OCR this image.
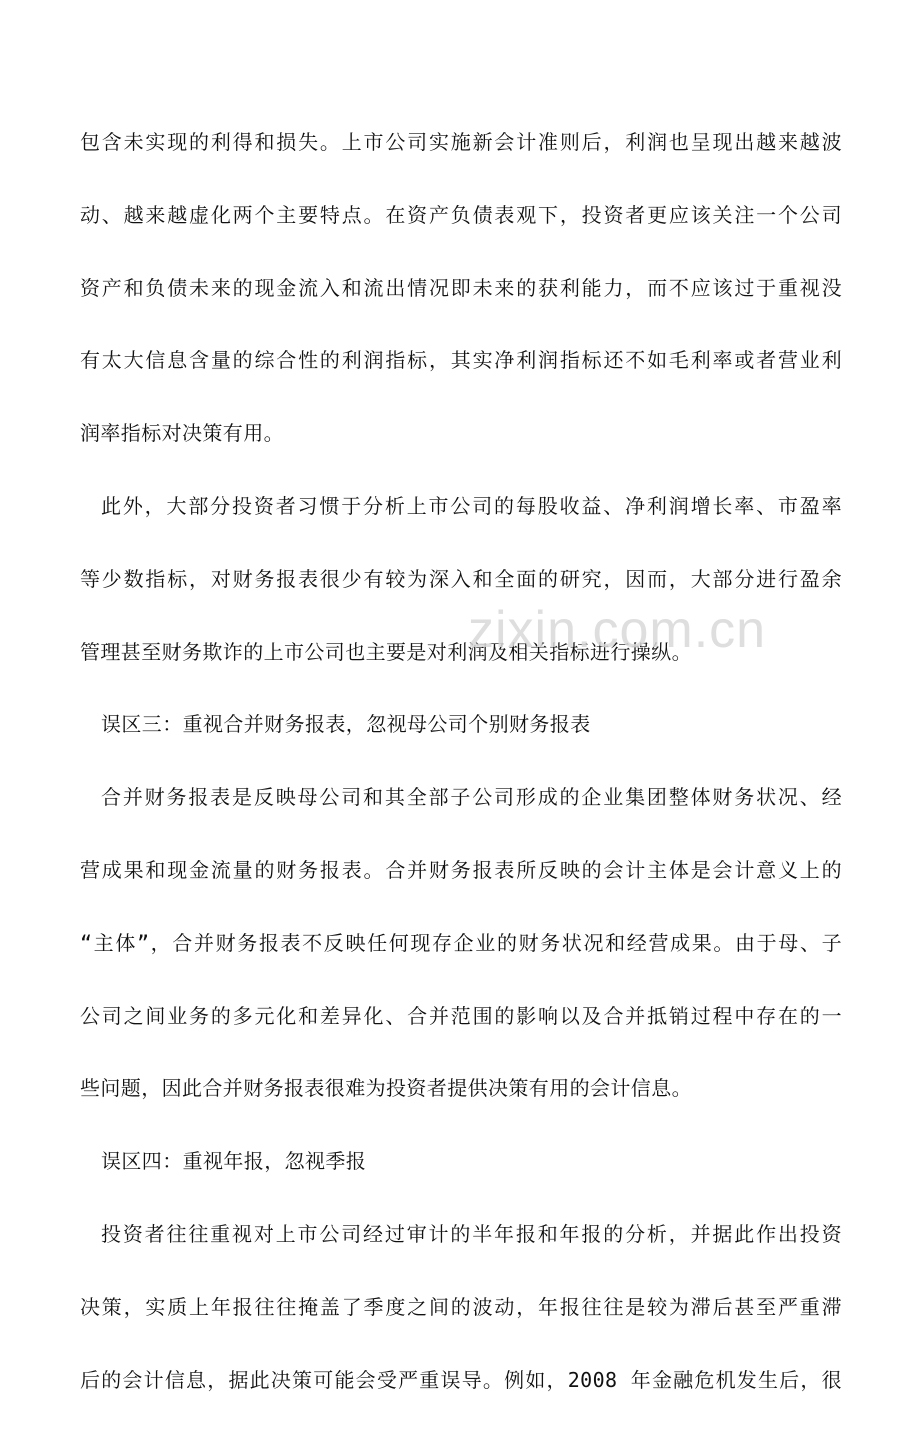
包含未实现的利得和损失。上市公司实施新会计准则后，利润也呈现出越来越波
动、越来越虚化两个主要特点。在资产负债表观下，投资者更应该关注一个公司
资产和负债未来的现金流入和流出情况即未来的获利能力，而不应该过于重视没
有太大信息含量的综合性的利润指标，其实净利润指标还不如毛利率或者营业利
润率指标对决策有用。
此外，大部分投资者习惯于分析上市公司的每股收益、净利润增长率、市盈率
等少数指标，对财务报表很少有较为深入和全面的研究，因而，大部分进行盈余
管理甚至财务欺诈的上市公司也主要是对利润及相关指标进行操纵。
误区三：重视合并财务报表，忽视母公司个别财务报表
合并财务报表是反映母公司和其全部子公司形成的企业集团整体财务状况、经
营成果和现金流量的财务报表。合并财务报表所反映的会计主体是会计意义上的
“主体”，合并财务报表不反映任何现存企业的财务状况和经营成果。由于母、子
公司之间业务的多元化和差异化、合并范围的影响以及合并抵销过程中存在的一
些问题，因此合并财务报表很难为投资者提供决策有用的会计信息。
误区四：重视年报，忽视季报
投资者往往重视对上市公司经过审计的半年报和年报的分析，并据此作出投资
决策，实质上年报往往掩盖了季度之间的波动，年报往往是较为滞后甚至严重滞
后的会计信息，据此决策可能会受严重误导。例如，2008 年金融危机发生后，很
zixin.com.cn
